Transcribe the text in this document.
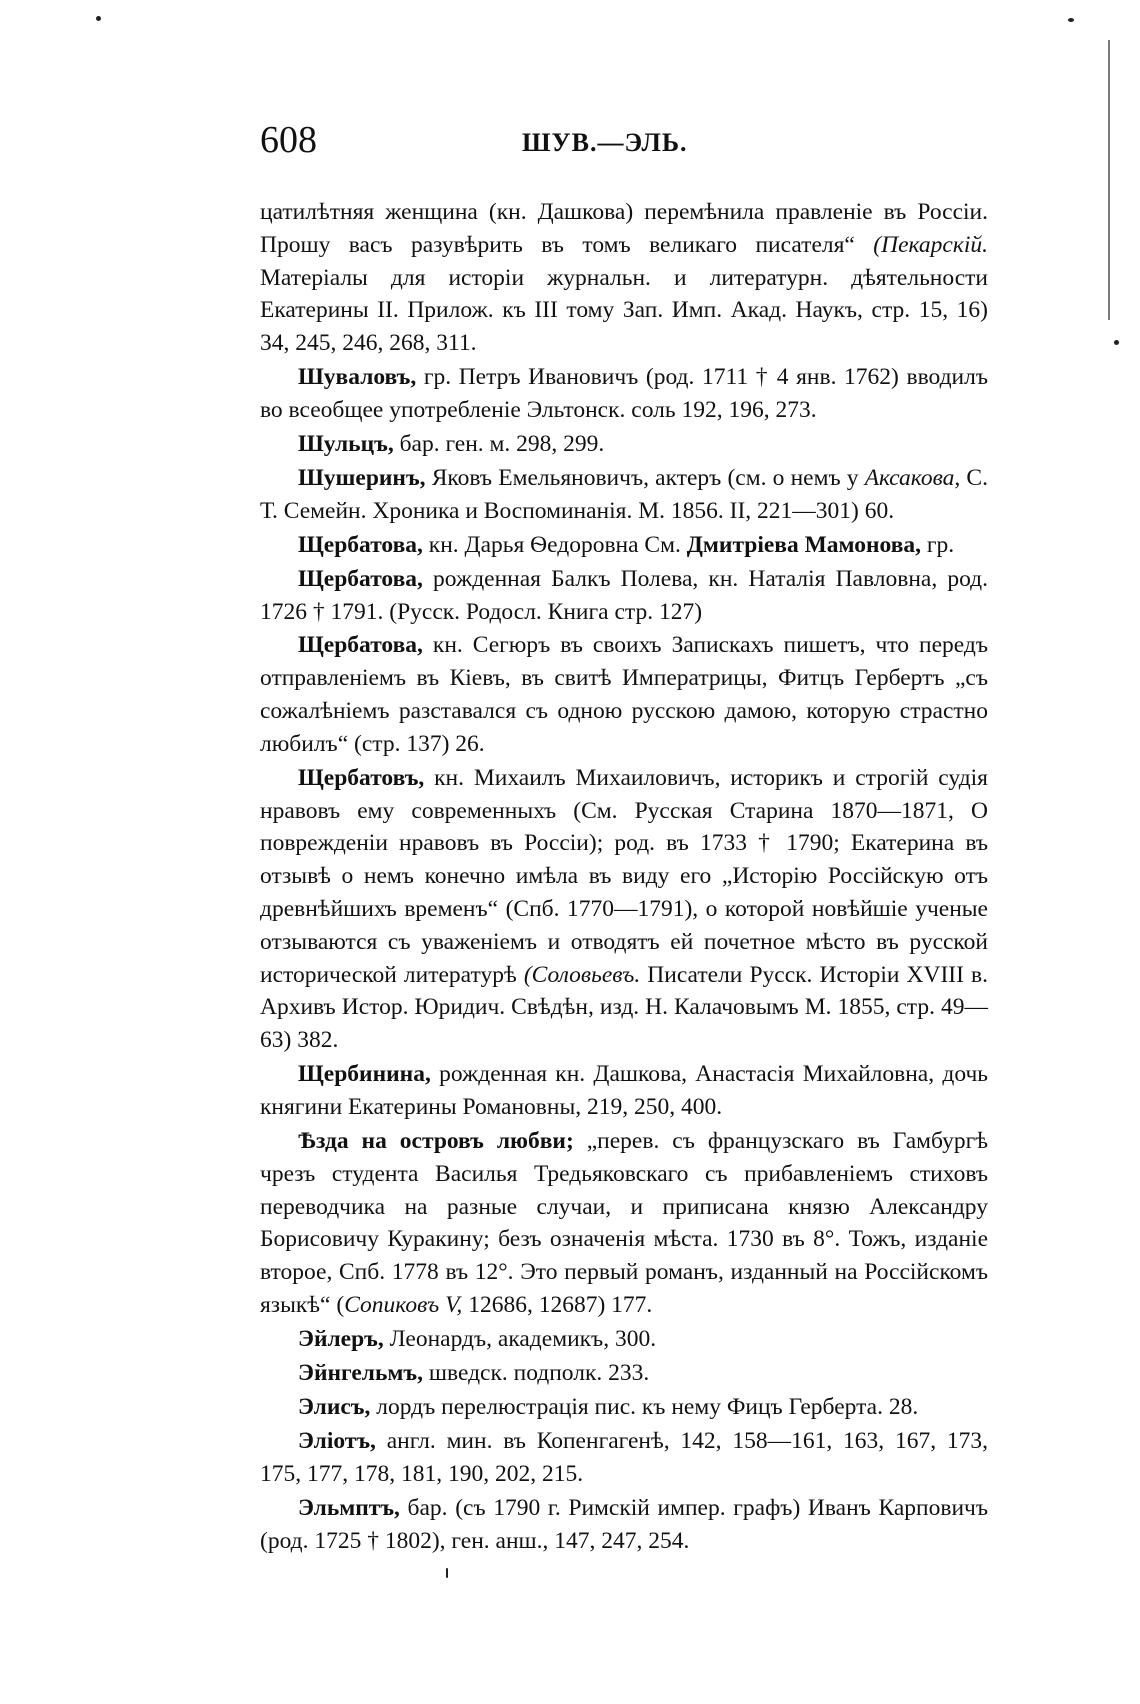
608	ШУВ.—ЭЛЬ.

цатилѣтняя женщина (кн. Дашкова) перемѣнила правленіе въ Россіи. Прошу васъ разувѣрить въ томъ великаго писателя“ (Пекарскій. Матеріалы для исторіи журнальн. и литературн. дѣятельности Екатерины II. Прилож. къ III тому Зап. Имп. Акад. Наукъ, стр. 15, 16) 34, 245, 246, 268, 311.

Шуваловъ, гр. Петръ Ивановичъ (род. 1711 † 4 янв. 1762) вводилъ во всеобщее употребленіе Эльтонск. соль 192, 196, 273.

Шульцъ, бар. ген. м. 298, 299.

Шушеринъ, Яковъ Емельяновичъ, актеръ (см. о немъ у Аксакова, С. Т. Семейн. Хроника и Воспоминанія. М. 1856. II, 221—301) 60.

Щербатова, кн. Дарья Ѳедоровна См. Дмитріева Мамонова, гр.

Щербатова, рожденная Балкъ Полева, кн. Наталія Павловна, род. 1726 † 1791. (Русск. Родосл. Книга стр. 127)

Щербатова, кн. Сегюръ въ своихъ Запискахъ пишетъ, что передъ отправленіемъ въ Кіевъ, въ свитѣ Императрицы, Фитцъ Гербертъ „съ сожалѣніемъ разставался съ одною русскою дамою, которую страстно любилъ“ (стр. 137) 26.

Щербатовъ, кн. Михаилъ Михаиловичъ, историкъ и строгій судія нравовъ ему современныхъ (См. Русская Старина 1870—1871, О поврежденіи нравовъ въ Россіи); род. въ 1733 † 1790; Екатерина въ отзывѣ о немъ конечно имѣла въ виду его „Исторію Россійскую отъ древнѣйшихъ временъ“ (Спб. 1770—1791), о которой новѣйшіе ученые отзываются съ уваженіемъ и отводятъ ей почетное мѣсто въ русской исторической литературѣ (Соловьевъ. Писатели Русск. Исторіи XVIII в. Архивъ Истор. Юридич. Свѣдѣн, изд. Н. Калачовымъ М. 1855, стр. 49—63) 382.

Щербинина, рожденная кн. Дашкова, Анастасія Михайловна, дочь княгини Екатерины Романовны, 219, 250, 400.

Ѣзда на островъ любви; „перев. съ французскаго въ Гамбургѣ чрезъ студента Василья Тредьяковскаго съ прибавленіемъ стиховъ переводчика на разные случаи, и приписана князю Александру Борисовичу Куракину; безъ означенія мѣста. 1730 въ 8°. Тожъ, изданіе второе, Спб. 1778 въ 12°. Это первый романъ, изданный на Россійскомъ языкѣ“ (Сопиковъ V, 12686, 12687) 177.

Эйлеръ, Леонардъ, академикъ, 300.

Эйнгельмъ, шведск. подполк. 233.

Элисъ, лордъ перелюстрація пис. къ нему Фицъ Герберта. 28.

Эліотъ, англ. мин. въ Копенгагенѣ, 142, 158—161, 163, 167, 173, 175, 177, 178, 181, 190, 202, 215.

Эльмптъ, бар. (съ 1790 г. Римскій импер. графъ) Иванъ Карповичъ (род. 1725 † 1802), ген. анш., 147, 247, 254.
